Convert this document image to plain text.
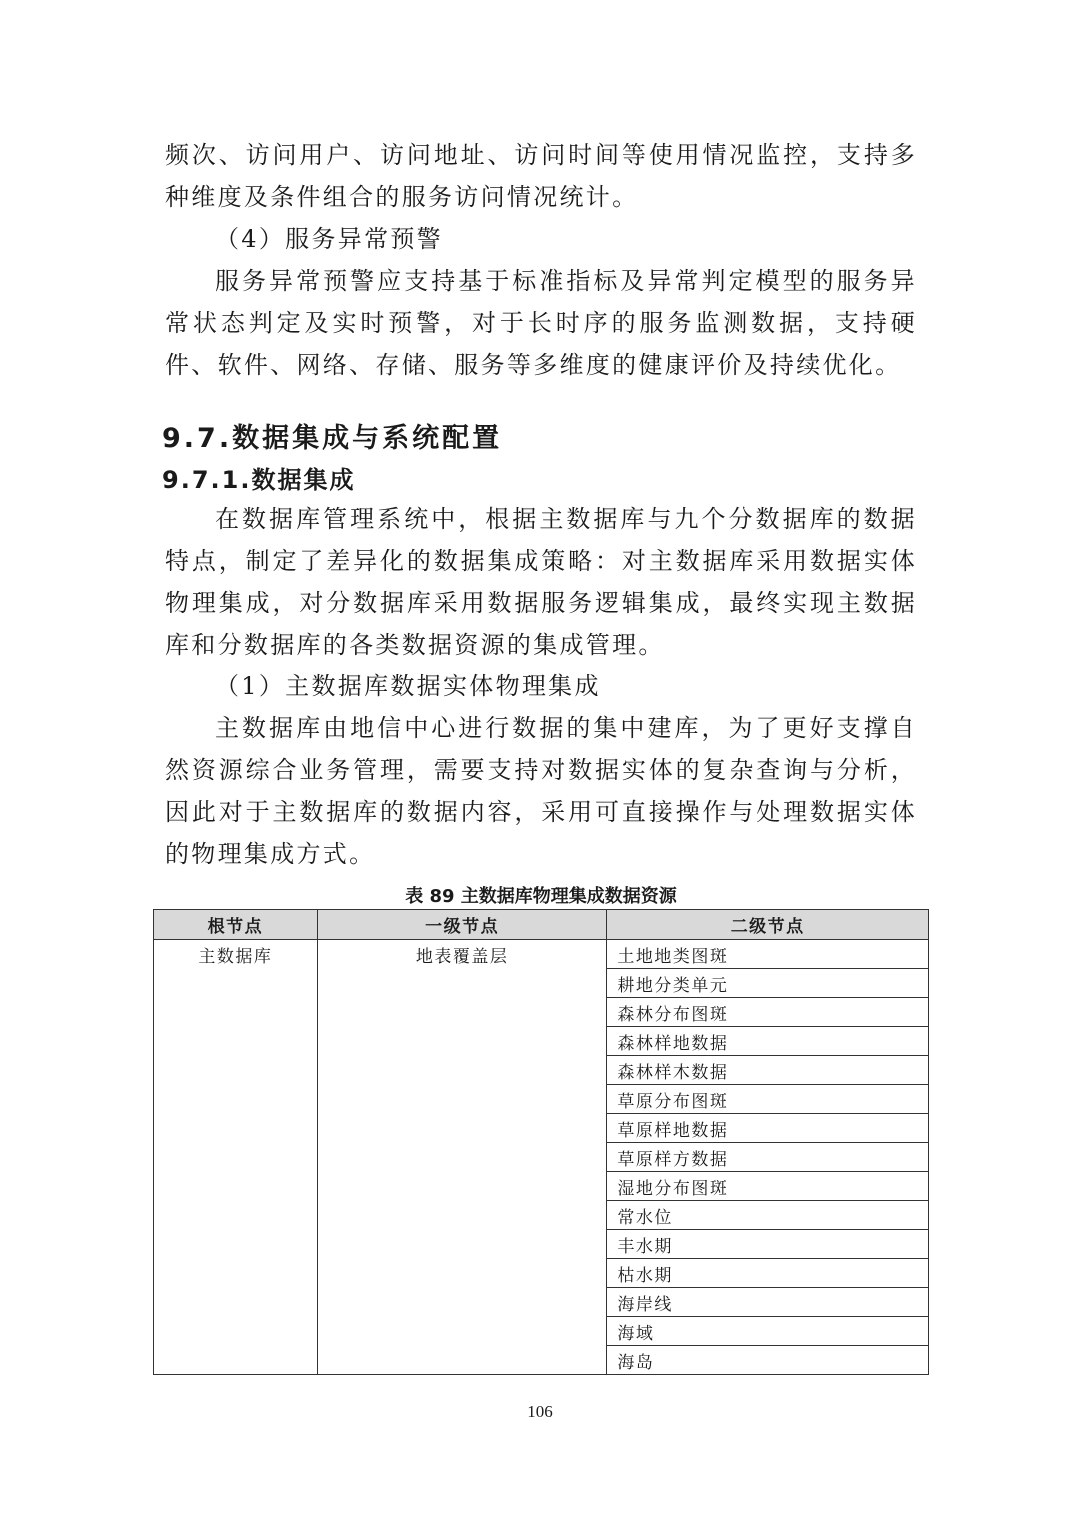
频次、访问用户、访问地址、访问时间等使用情况监控，支持多种维度及条件组合的服务访问情况统计。

（4）服务异常预警

服务异常预警应支持基于标准指标及异常判定模型的服务异常状态判定及实时预警，对于长时序的服务监测数据，支持硬件、软件、网络、存储、服务等多维度的健康评价及持续优化。

9.7.数据集成与系统配置
9.7.1.数据集成

在数据库管理系统中，根据主数据库与九个分数据库的数据特点，制定了差异化的数据集成策略：对主数据库采用数据实体物理集成，对分数据库采用数据服务逻辑集成，最终实现主数据库和分数据库的各类数据资源的集成管理。

（1）主数据库数据实体物理集成

主数据库由地信中心进行数据的集中建库，为了更好支撑自然资源综合业务管理，需要支持对数据实体的复杂查询与分析，因此对于主数据库的数据内容，采用可直接操作与处理数据实体的物理集成方式。

表 89 主数据库物理集成数据资源

根节点	一级节点	二级节点
主数据库	地表覆盖层	土地地类图斑
		耕地分类单元
		森林分布图斑
		森林样地数据
		森林样木数据
		草原分布图斑
		草原样地数据
		草原样方数据
		湿地分布图斑
		常水位
		丰水期
		枯水期
		海岸线
		海域
		海岛

106
